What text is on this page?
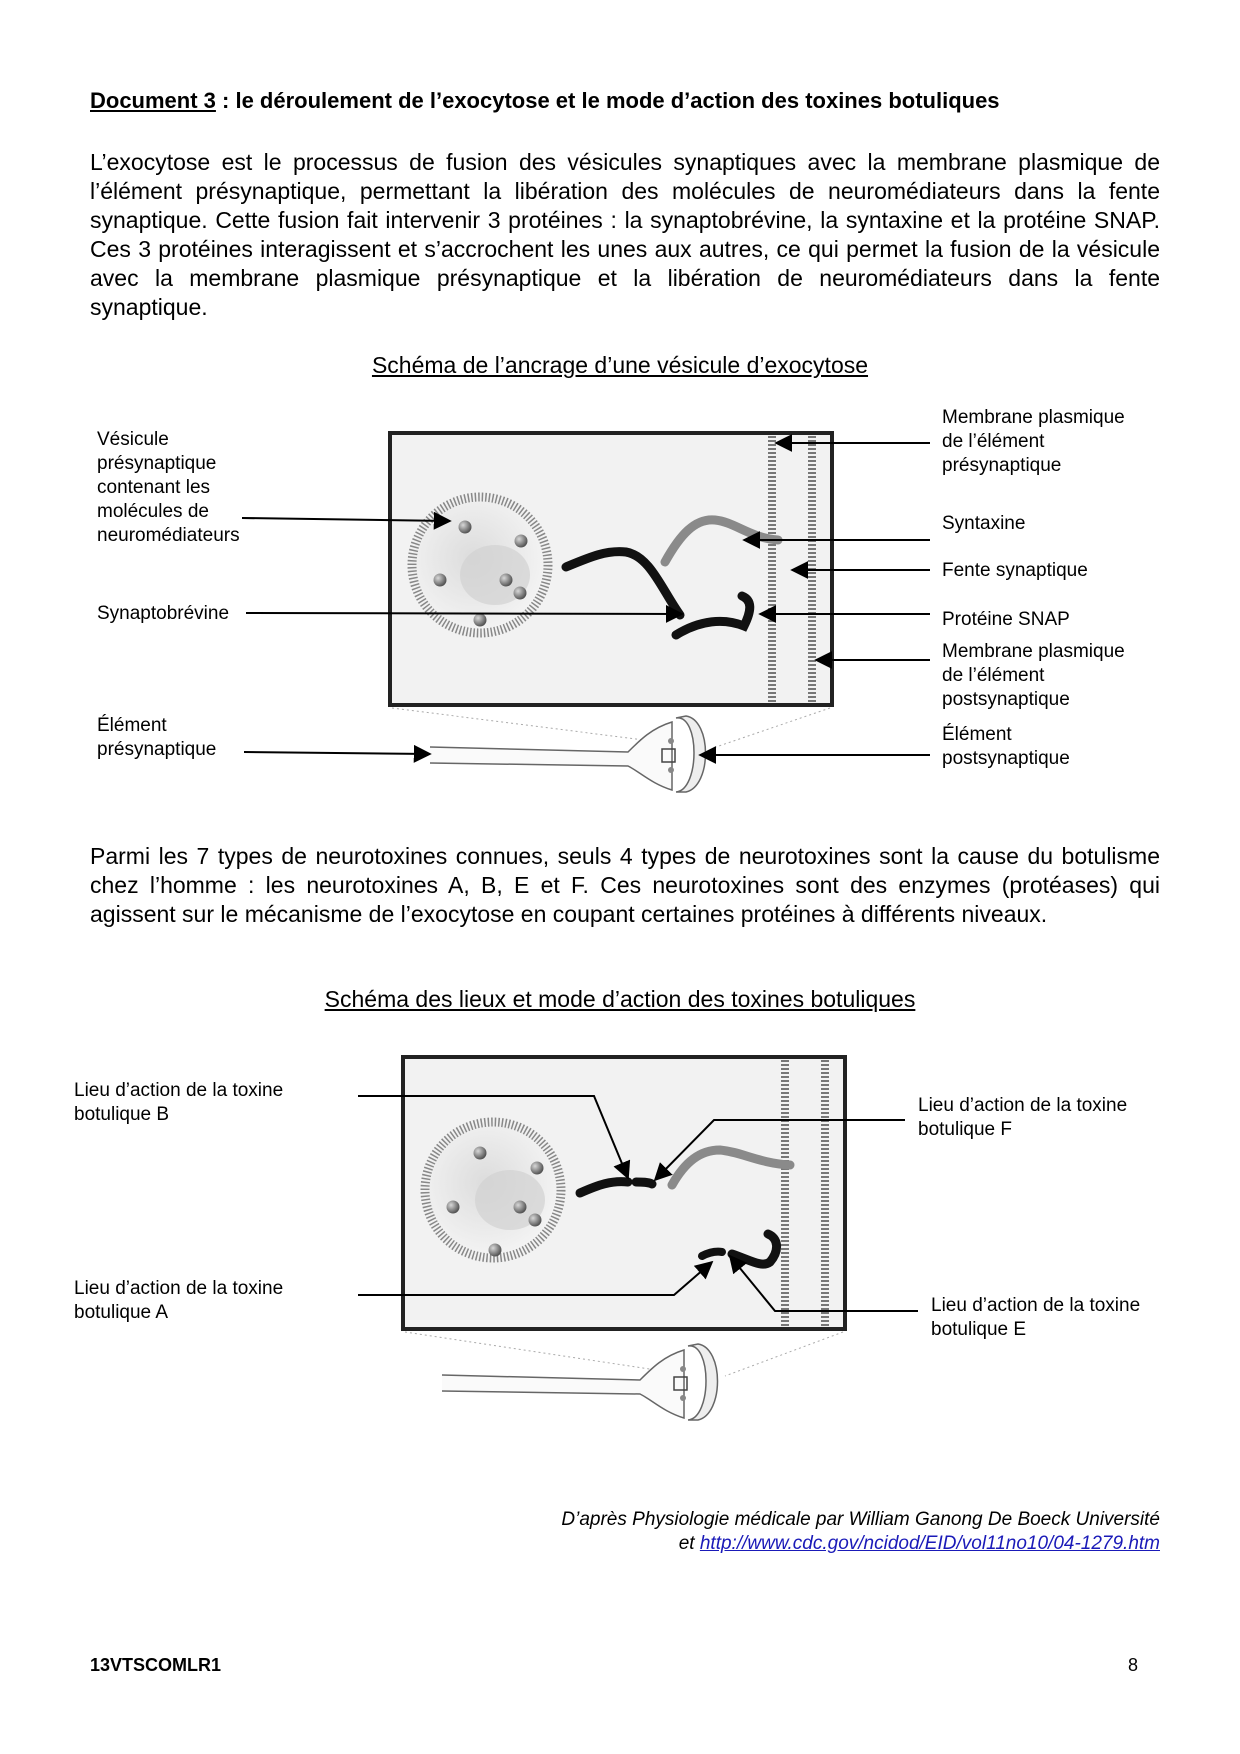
Document 3 : le déroulement de l’exocytose et le mode d’action des toxines botuliques
L’exocytose est le processus de fusion des vésicules synaptiques avec la membrane plasmique de l’élément présynaptique, permettant la libération des molécules de neuromédiateurs dans la fente synaptique. Cette fusion fait intervenir 3 protéines : la synaptobrévine, la syntaxine et la protéine SNAP. Ces 3 protéines interagissent et s’accrochent les unes aux autres, ce qui permet la fusion de la vésicule avec la membrane plasmique présynaptique et la libération de neuromédiateurs dans la fente synaptique.
Schéma de l’ancrage d’une vésicule d’exocytose
Vésicule
présynaptique
contenant les
molécules de
neuromédiateurs
Synaptobrévine
Élément
présynaptique
Membrane plasmique
de l’élément
présynaptique
Syntaxine
Fente synaptique
Protéine SNAP
Membrane plasmique
de l’élément
postsynaptique
Élément
postsynaptique
Parmi les 7 types de neurotoxines connues, seuls 4 types de neurotoxines sont la cause du botulisme chez l’homme : les neurotoxines A, B, E et F. Ces neurotoxines sont des enzymes (protéases) qui agissent sur le mécanisme de l’exocytose en coupant certaines protéines à différents niveaux.
Schéma des lieux et mode d’action des toxines botuliques
Lieu d’action de la toxine
botulique B
Lieu d’action de la toxine
botulique A
Lieu d’action de la toxine
botulique F
Lieu d’action de la toxine
botulique E
D’après Physiologie médicale par William Ganong De Boeck Université
et http://www.cdc.gov/ncidod/EID/vol11no10/04-1279.htm
13VTSCOMLR1	8
